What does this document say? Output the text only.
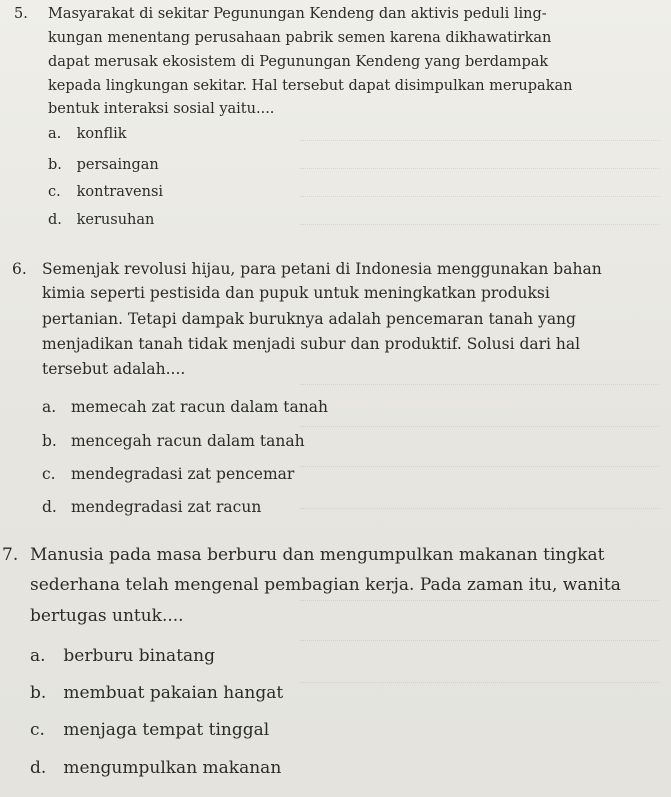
5. Masyarakat di sekitar Pegunungan Kendeng dan aktivis peduli ling-
kungan menentang perusahaan pabrik semen karena dikhawatirkan
dapat merusak ekosistem di Pegunungan Kendeng yang berdampak
kepada lingkungan sekitar. Hal tersebut dapat disimpulkan merupakan
bentuk interaksi sosial yaitu....
a. konflik
b. persaingan
c. kontravensi
d. kerusuhan
6. Semenjak revolusi hijau, para petani di Indonesia menggunakan bahan
kimia seperti pestisida dan pupuk untuk meningkatkan produksi
pertanian. Tetapi dampak buruknya adalah pencemaran tanah yang
menjadikan tanah tidak menjadi subur dan produktif. Solusi dari hal
tersebut adalah....
a. memecah zat racun dalam tanah
b. mencegah racun dalam tanah
c. mendegradasi zat pencemar
d. mendegradasi zat racun
7. Manusia pada masa berburu dan mengumpulkan makanan tingkat
sederhana telah mengenal pembagian kerja. Pada zaman itu, wanita
bertugas untuk....
a. berburu binatang
b. membuat pakaian hangat
c. menjaga tempat tinggal
d. mengumpulkan makanan
